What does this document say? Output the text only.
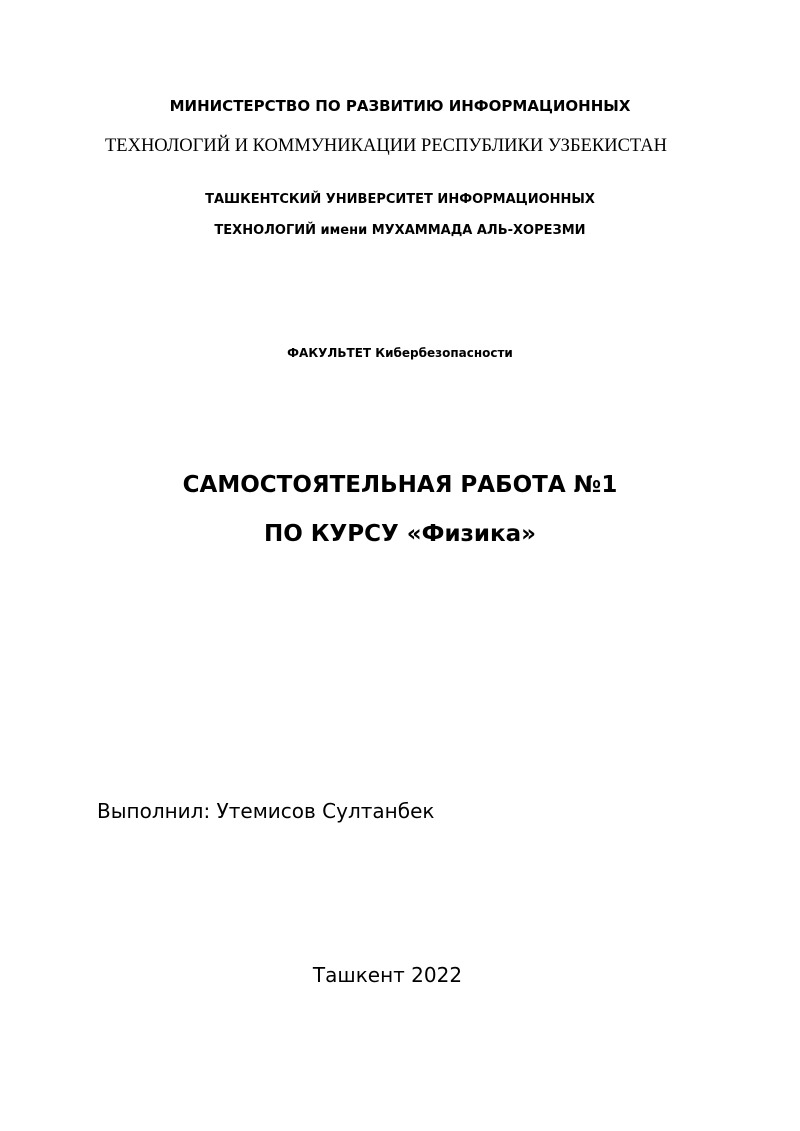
МИНИСТЕРСТВО ПО РАЗВИТИЮ ИНФОРМАЦИОННЫХ

ТЕХНОЛОГИЙ И КОММУНИКАЦИИ РЕСПУБЛИКИ УЗБЕКИСТАН

ТАШКЕНТСКИЙ УНИВЕРСИТЕТ ИНФОРМАЦИОННЫХ

ТЕХНОЛОГИЙ имени МУХАММАДА АЛЬ-ХОРЕЗМИ

ФАКУЛЬТЕТ Кибербезопасности

САМОСТОЯТЕЛЬНАЯ РАБОТА №1

ПО КУРСУ «Физика»

Выполнил: Утемисов Султанбек

Ташкент 2022
